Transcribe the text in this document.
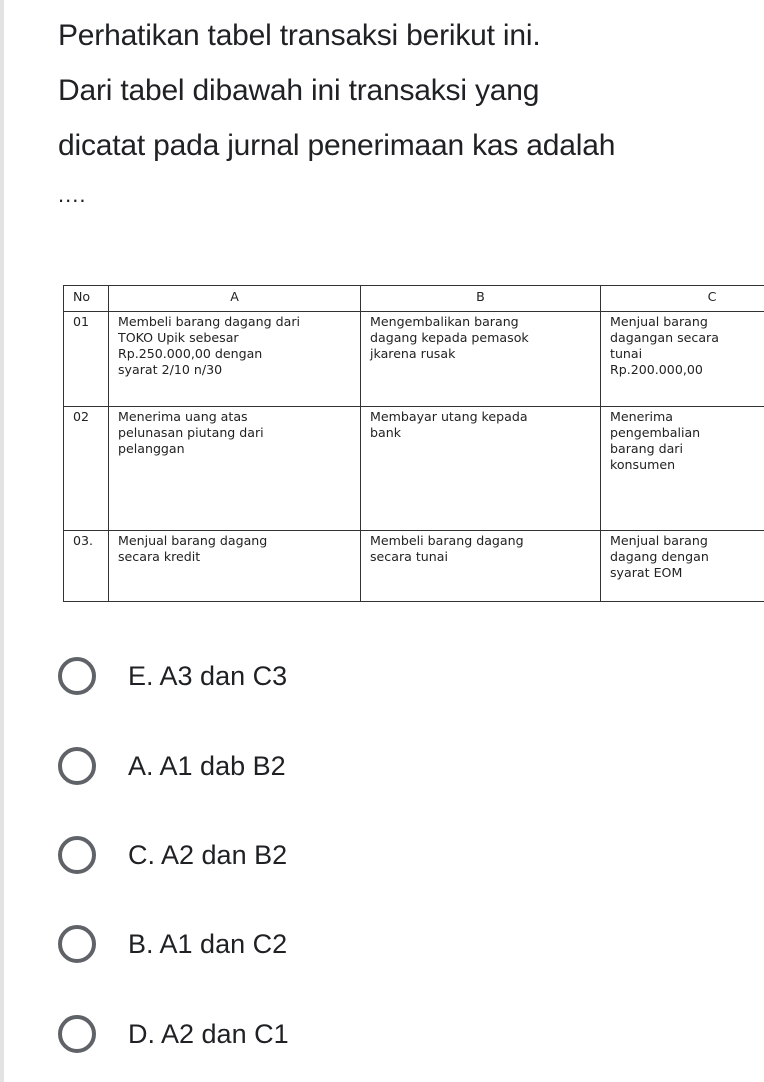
Perhatikan tabel transaksi berikut ini.
Dari tabel dibawah ini transaksi yang
dicatat pada jurnal penerimaan kas adalah
....
No	A	B	C
01	Membeli barang dagang dari
TOKO Upik sebesar
Rp.250.000,00 dengan
syarat 2/10 n/30	Mengembalikan barang
dagang kepada pemasok
jkarena rusak	Menjual barang
dagangan secara
tunai
Rp.200.000,00

02	Menerima uang atas
pelunasan piutang dari
pelanggan	Membayar utang kepada
bank	Menerima
pengembalian
barang dari
konsumen

03.	Menjual barang dagang
secara kredit	Membeli barang dagang
secara tunai	Menjual barang
dagang dengan
syarat EOM
E. A3 dan C3
A. A1 dab B2
C. A2 dan B2
B. A1 dan C2
D. A2 dan C1
